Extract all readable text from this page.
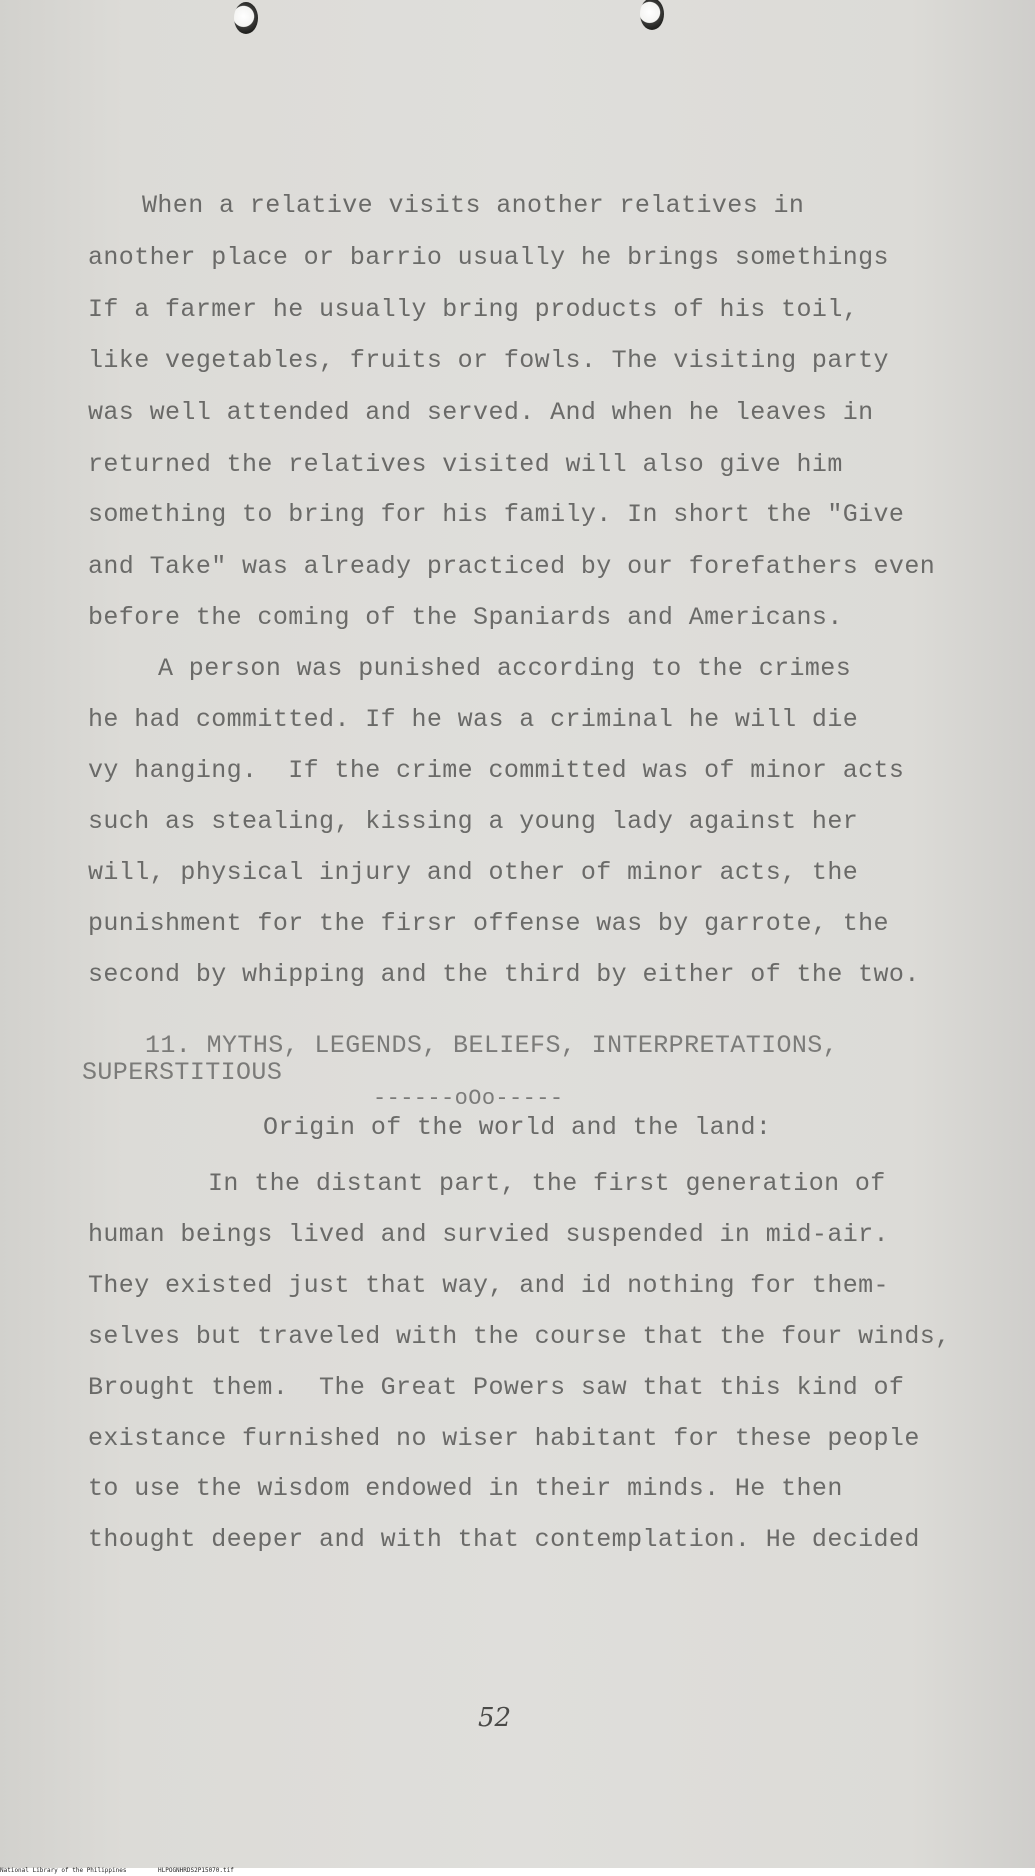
When a relative visits another relatives in

another place or barrio usually he brings somethings

If a farmer he usually bring products of his toil,

like vegetables, fruits or fowls. The visiting party

was well attended and served. And when he leaves in

returned the relatives visited will also give him

something to bring for his family. In short the "Give

and Take" was already practiced by our forefathers even

before the coming of the Spaniards and Americans.

A person was punished according to the crimes

he had committed. If he was a criminal he will die

vy hanging.  If the crime committed was of minor acts

such as stealing, kissing a young lady against her

will, physical injury and other of minor acts, the

punishment for the firsr offense was by garrote, the

second by whipping and the third by either of the two.

11. MYTHS, LEGENDS, BELIEFS, INTERPRETATIONS,
SUPERSTITIOUS
------oOo-----

Origin of the world and the land:

In the distant part, the first generation of

human beings lived and survied suspended in mid-air.

They existed just that way, and id nothing for them-

selves but traveled with the course that the four winds,

Brought them.  The Great Powers saw that this kind of

existance furnished no wiser habitant for these people

to use the wisdom endowed in their minds. He then

thought deeper and with that contemplation. He decided

52
National Library of the Philippines	HLPOGNHRDS2P15070.tif
